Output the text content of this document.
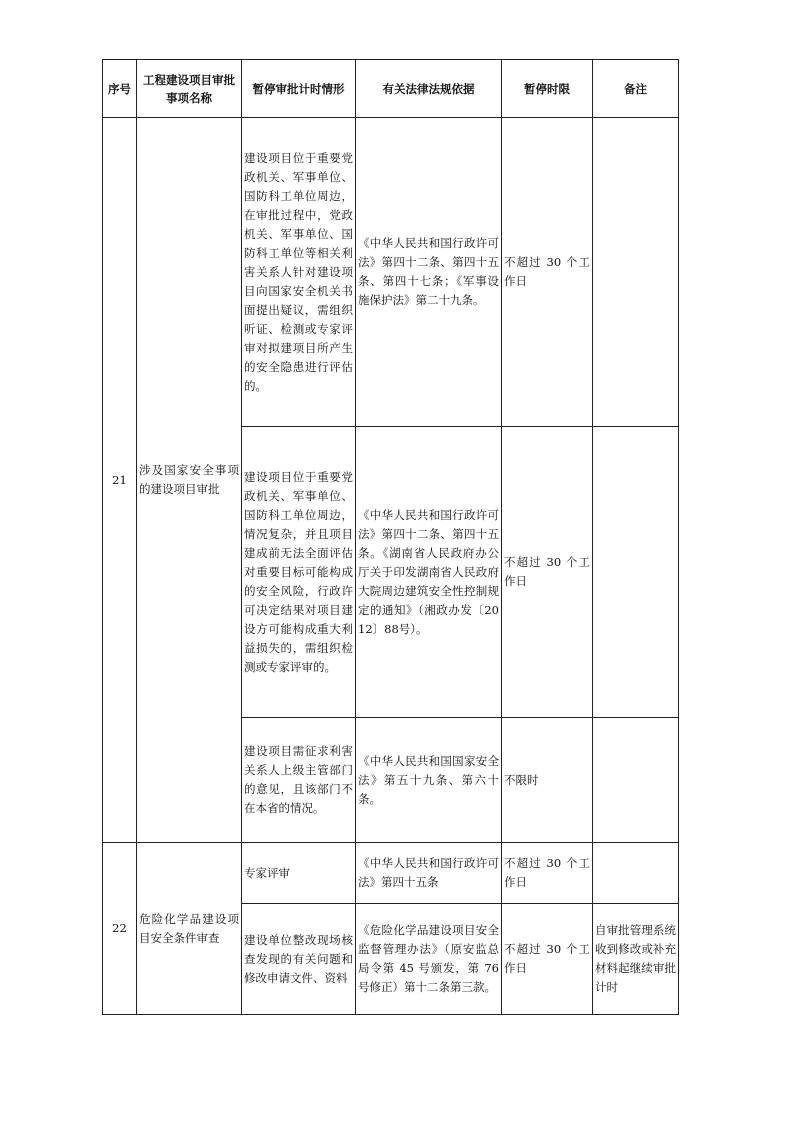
序号	工程建设项目审批事项名称	暂停审批计时情形	有关法律法规依据	暂停时限	备注
21	涉及国家安全事项的建设项目审批	建设项目位于重要党政机关、军事单位、国防科工单位周边，在审批过程中，党政机关、军事单位、国防科工单位等相关利害关系人针对建设项目向国家安全机关书面提出疑议，需组织听证、检测或专家评审对拟建项目所产生的安全隐患进行评估的。	《中华人民共和国行政许可法》第四十二条、第四十五条、第四十七条；《军事设施保护法》第二十九条。	不超过 30 个工作日	
		建设项目位于重要党政机关、军事单位、国防科工单位周边，情况复杂，并且项目建成前无法全面评估对重要目标可能构成的安全风险，行政许可决定结果对项目建设方可能构成重大利益损失的，需组织检测或专家评审的。	《中华人民共和国行政许可法》第四十二条、第四十五条。《湖南省人民政府办公厅关于印发湖南省人民政府大院周边建筑安全性控制规定的通知》（湘政办发〔2012〕88号）。	不超过 30 个工作日	
		建设项目需征求利害关系人上级主管部门的意见，且该部门不在本省的情况。	《中华人民共和国国家安全法》第五十九条、第六十条。	不限时	
22	危险化学品建设项目安全条件审查	专家评审	《中华人民共和国行政许可法》第四十五条	不超过 30 个工作日	
		建设单位整改现场核查发现的有关问题和修改申请文件、资料	《危险化学品建设项目安全监督管理办法》（原安监总局令第 45 号颁发，第 76 号修正）第十二条第三款。	不超过 30 个工作日	自审批管理系统收到修改或补充材料起继续审批计时
